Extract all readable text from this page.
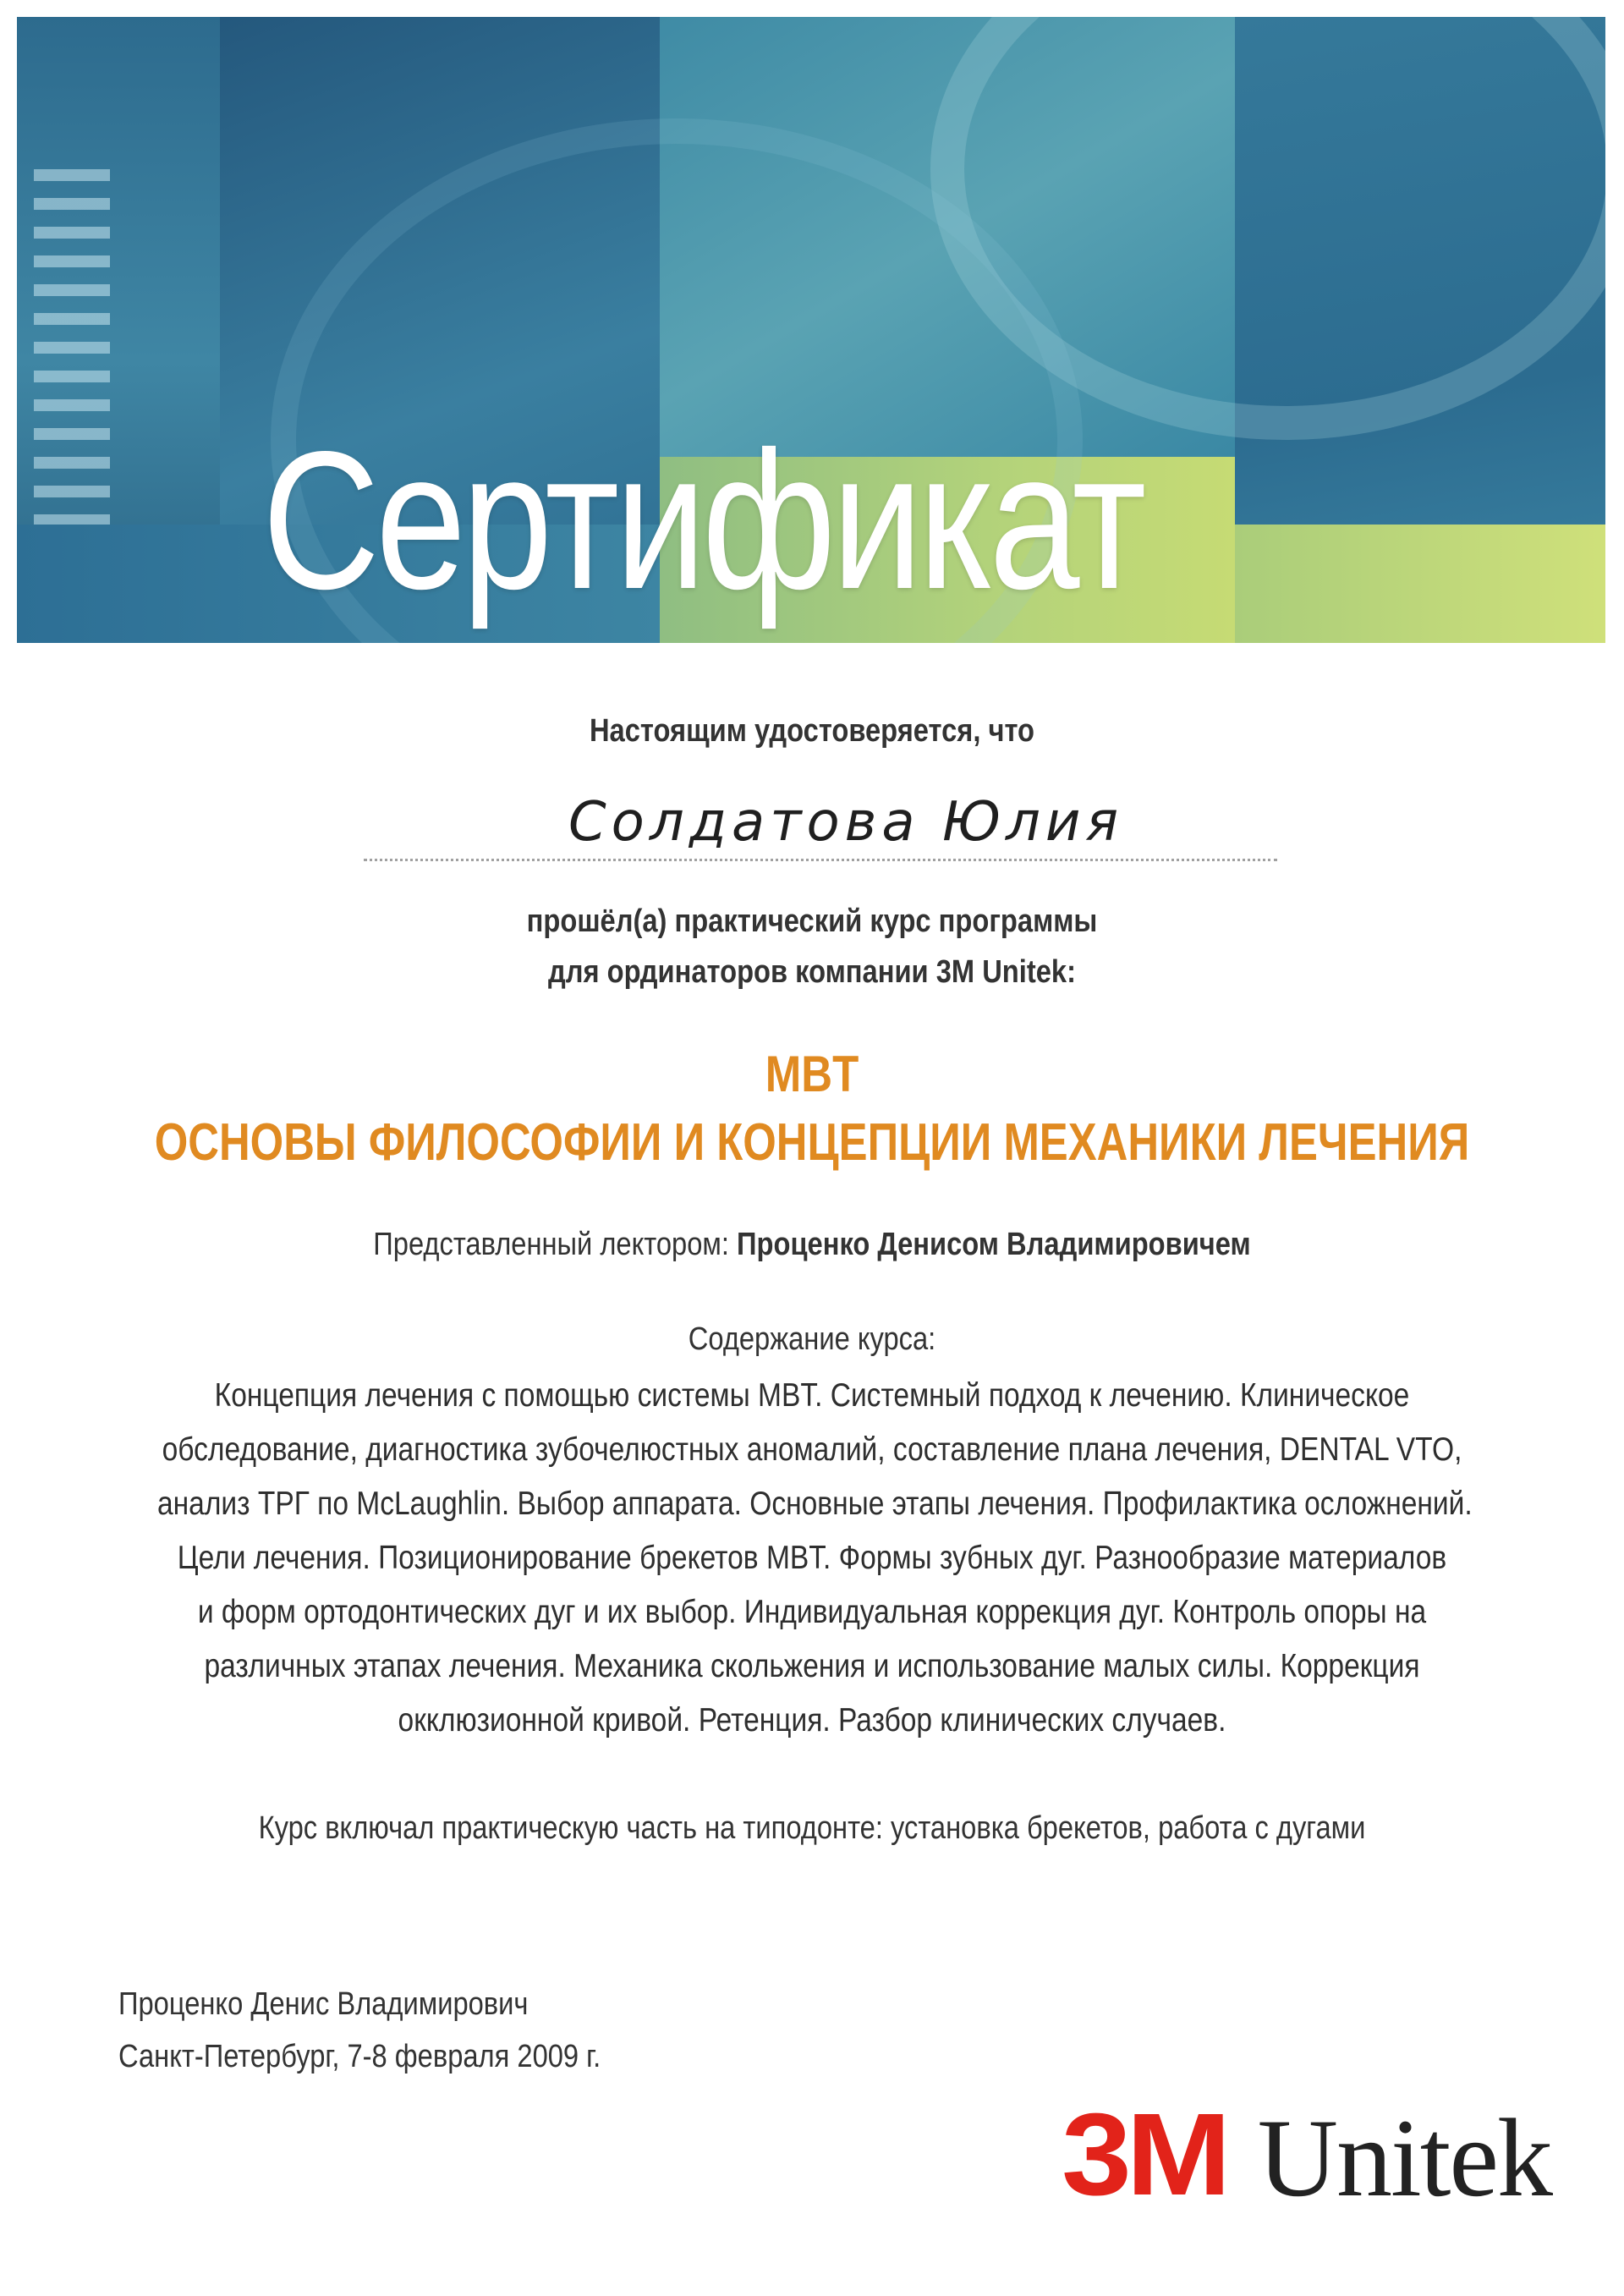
Сертификат
Настоящим удостоверяется, что
Солдатова Юлия
прошёл(а) практический курс программы
для ординаторов компании 3М Unitek:
MBT
ОСНОВЫ ФИЛОСОФИИ И КОНЦЕПЦИИ МЕХАНИКИ ЛЕЧЕНИЯ
Представленный лектором: Проценко Денисом Владимировичем
Содержание курса:
Концепция лечения с помощью системы MBT. Системный подход к лечению. Клиническое
обследование, диагностика зубочелюстных аномалий, составление плана лечения, DENTAL VTO,
анализ ТРГ по McLaughlin. Выбор аппарата. Основные этапы лечения. Профилактика осложнений.
Цели лечения. Позиционирование брекетов MBT. Формы зубных дуг. Разнообразие материалов
и форм ортодонтических дуг и их выбор. Индивидуальная коррекция дуг. Контроль опоры на
различных этапах лечения. Механика скольжения и использование малых силы. Коррекция
окклюзионной кривой. Ретенция. Разбор клинических случаев.
Курс включал практическую часть на типодонте: установка брекетов, работа с дугами
Проценко Денис Владимирович
Санкт-Петербург, 7-8 февраля 2009 г.
3M Unitek
